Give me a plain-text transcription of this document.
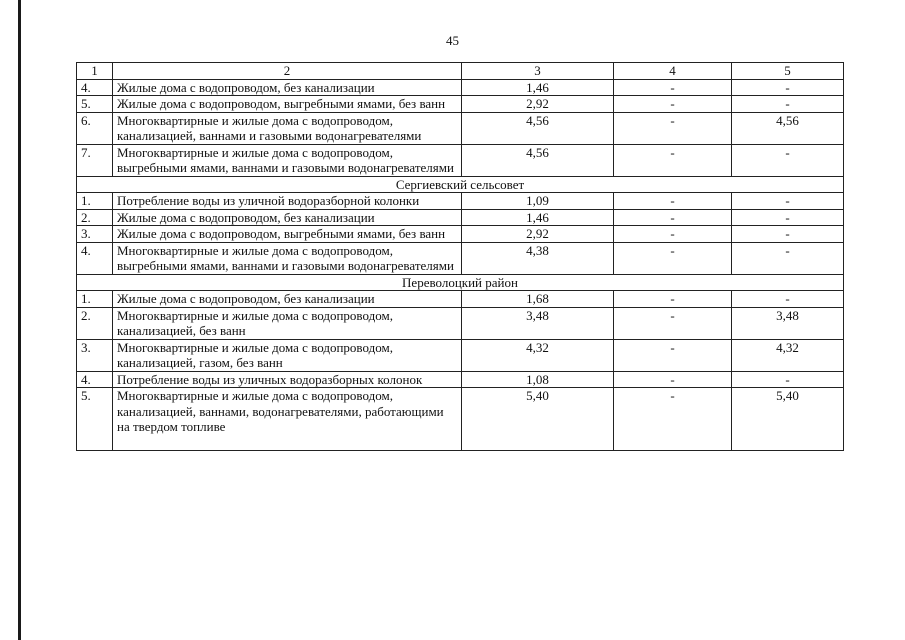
45
1	2	3	4	5
4.	Жилые дома с водопроводом, без канализации	1,46	-	-
5.	Жилые дома с водопроводом, выгребными ямами, без ванн	2,92	-	-
6.	Многоквартирные и жилые дома с водопроводом, канализацией, ваннами и газовыми водонагревателями	4,56	-	4,56
7.	Многоквартирные и жилые дома с водопроводом, выгребными ямами, ваннами и газовыми водонагревателями	4,56	-	-
Сергиевский сельсовет				
1.	Потребление воды из уличной водоразборной колонки	1,09	-	-
2.	Жилые дома с водопроводом, без канализации	1,46	-	-
3.	Жилые дома с водопроводом, выгребными ямами, без ванн	2,92	-	-
4.	Многоквартирные и жилые дома с водопроводом, выгребными ямами, ваннами и газовыми водонагревателями	4,38	-	-
Переволоцкий район				
1.	Жилые дома с водопроводом, без канализации	1,68	-	-
2.	Многоквартирные и жилые дома с водопроводом, канализацией, без ванн	3,48	-	3,48
3.	Многоквартирные и жилые дома с водопроводом, канализацией, газом, без ванн	4,32	-	4,32
4.	Потребление воды из уличных водоразборных колонок	1,08	-	-
5.	Многоквартирные и жилые дома с водопроводом, канализацией, ваннами, водонагревателями, работающими на твердом топливе	5,40	-	5,40
